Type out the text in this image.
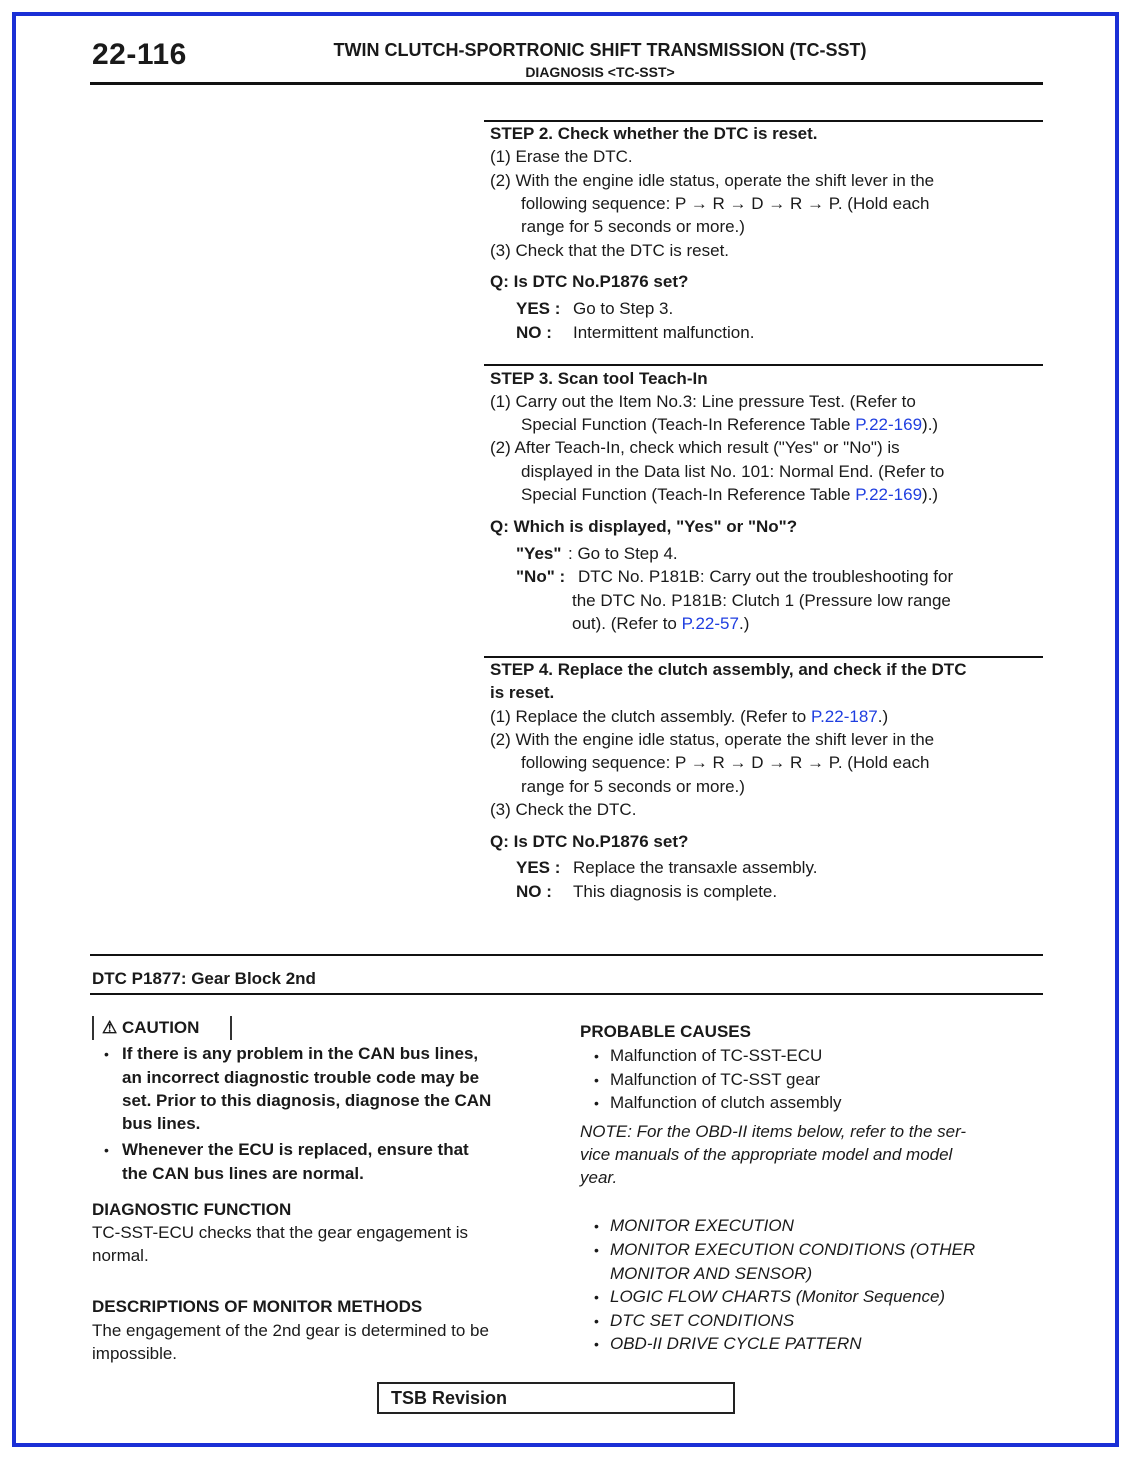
22-116	TWIN CLUTCH-SPORTRONIC SHIFT TRANSMISSION (TC-SST)
DIAGNOSIS <TC-SST>
STEP 2. Check whether the DTC is reset.
(1) Erase the DTC.
(2) With the engine idle status, operate the shift lever in the
following sequence: P → R → D → R → P. (Hold each
range for 5 seconds or more.)
(3) Check that the DTC is reset.
Q: Is DTC No.P1876 set?
YES : Go to Step 3.
NO : Intermittent malfunction.
STEP 3. Scan tool Teach-In
(1) Carry out the Item No.3: Line pressure Test. (Refer to
Special Function (Teach-In Reference Table P.22-169).)
(2) After Teach-In, check which result ("Yes" or "No") is
displayed in the Data list No. 101: Normal End. (Refer to
Special Function (Teach-In Reference Table P.22-169).)
Q: Which is displayed, "Yes" or "No"?
"Yes" : Go to Step 4.
"No" : DTC No. P181B: Carry out the troubleshooting for
the DTC No. P181B: Clutch 1 (Pressure low range
out). (Refer to P.22-57.)
STEP 4. Replace the clutch assembly, and check if the DTC
is reset.
(1) Replace the clutch assembly. (Refer to P.22-187.)
(2) With the engine idle status, operate the shift lever in the
following sequence: P → R → D → R → P. (Hold each
range for 5 seconds or more.)
(3) Check the DTC.
Q: Is DTC No.P1876 set?
YES : Replace the transaxle assembly.
NO : This diagnosis is complete.
DTC P1877: Gear Block 2nd
⚠ CAUTION
• If there is any problem in the CAN bus lines,
an incorrect diagnostic trouble code may be
set. Prior to this diagnosis, diagnose the CAN
bus lines.
• Whenever the ECU is replaced, ensure that
the CAN bus lines are normal.
DIAGNOSTIC FUNCTION
TC-SST-ECU checks that the gear engagement is
normal.
DESCRIPTIONS OF MONITOR METHODS
The engagement of the 2nd gear is determined to be
impossible.
PROBABLE CAUSES
• Malfunction of TC-SST-ECU
• Malfunction of TC-SST gear
• Malfunction of clutch assembly
NOTE: For the OBD-II items below, refer to the ser-
vice manuals of the appropriate model and model
year.
• MONITOR EXECUTION
• MONITOR EXECUTION CONDITIONS (OTHER
MONITOR AND SENSOR)
• LOGIC FLOW CHARTS (Monitor Sequence)
• DTC SET CONDITIONS
• OBD-II DRIVE CYCLE PATTERN
TSB Revision
